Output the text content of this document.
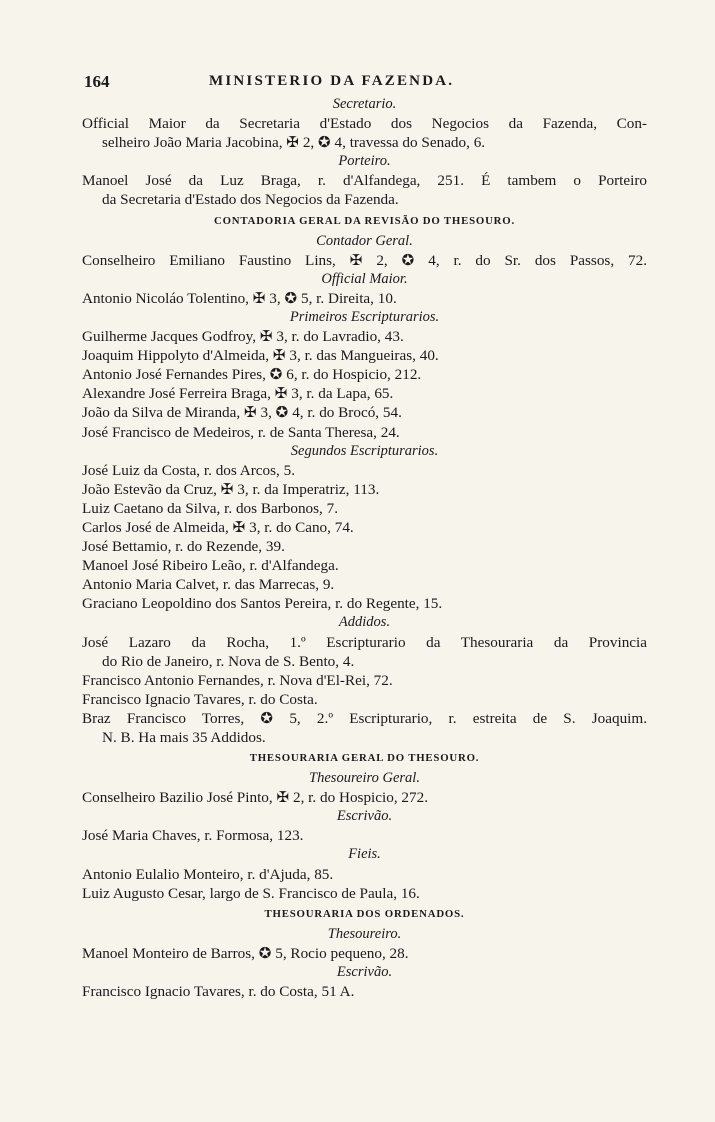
164	MINISTERIO DA FAZENDA.
Secretario.
Official Maior da Secretaria d'Estado dos Negocios da Fazenda, Con-
selheiro João Maria Jacobina, ✠ 2, ✪ 4, travessa do Senado, 6.
Porteiro.
Manoel José da Luz Braga, r. d'Alfandega, 251. É tambem o Porteiro
da Secretaria d'Estado dos Negocios da Fazenda.
CONTADORIA GERAL DA REVISÃO DO THESOURO.
Contador Geral.
Conselheiro Emiliano Faustino Lins, ✠ 2, ✪ 4, r. do Sr. dos Passos, 72.
Official Maior.
Antonio Nicoláo Tolentino, ✠ 3, ✪ 5, r. Direita, 10.
Primeiros Escripturarios.
Guilherme Jacques Godfroy, ✠ 3, r. do Lavradio, 43.
Joaquim Hippolyto d'Almeida, ✠ 3, r. das Mangueiras, 40.
Antonio José Fernandes Pires, ✪ 6, r. do Hospicio, 212.
Alexandre José Ferreira Braga, ✠ 3, r. da Lapa, 65.
João da Silva de Miranda, ✠ 3, ✪ 4, r. do Brocó, 54.
José Francisco de Medeiros, r. de Santa Theresa, 24.
Segundos Escripturarios.
José Luiz da Costa, r. dos Arcos, 5.
João Estevão da Cruz, ✠ 3, r. da Imperatriz, 113.
Luiz Caetano da Silva, r. dos Barbonos, 7.
Carlos José de Almeida, ✠ 3, r. do Cano, 74.
José Bettamio, r. do Rezende, 39.
Manoel José Ribeiro Leão, r. d'Alfandega.
Antonio Maria Calvet, r. das Marrecas, 9.
Graciano Leopoldino dos Santos Pereira, r. do Regente, 15.
Addidos.
José Lazaro da Rocha, 1.º Escripturario da Thesouraria da Provincia
do Rio de Janeiro, r. Nova de S. Bento, 4.
Francisco Antonio Fernandes, r. Nova d'El-Rei, 72.
Francisco Ignacio Tavares, r. do Costa.
Braz Francisco Torres, ✪ 5, 2.º Escripturario, r. estreita de S. Joaquim.
N. B. Ha mais 35 Addidos.
THESOURARIA GERAL DO THESOURO.
Thesoureiro Geral.
Conselheiro Bazilio José Pinto, ✠ 2, r. do Hospicio, 272.
Escrivão.
José Maria Chaves, r. Formosa, 123.
Fieis.
Antonio Eulalio Monteiro, r. d'Ajuda, 85.
Luiz Augusto Cesar, largo de S. Francisco de Paula, 16.
THESOURARIA DOS ORDENADOS.
Thesoureiro.
Manoel Monteiro de Barros, ✪ 5, Rocio pequeno, 28.
Escrivão.
Francisco Ignacio Tavares, r. do Costa, 51 A.
